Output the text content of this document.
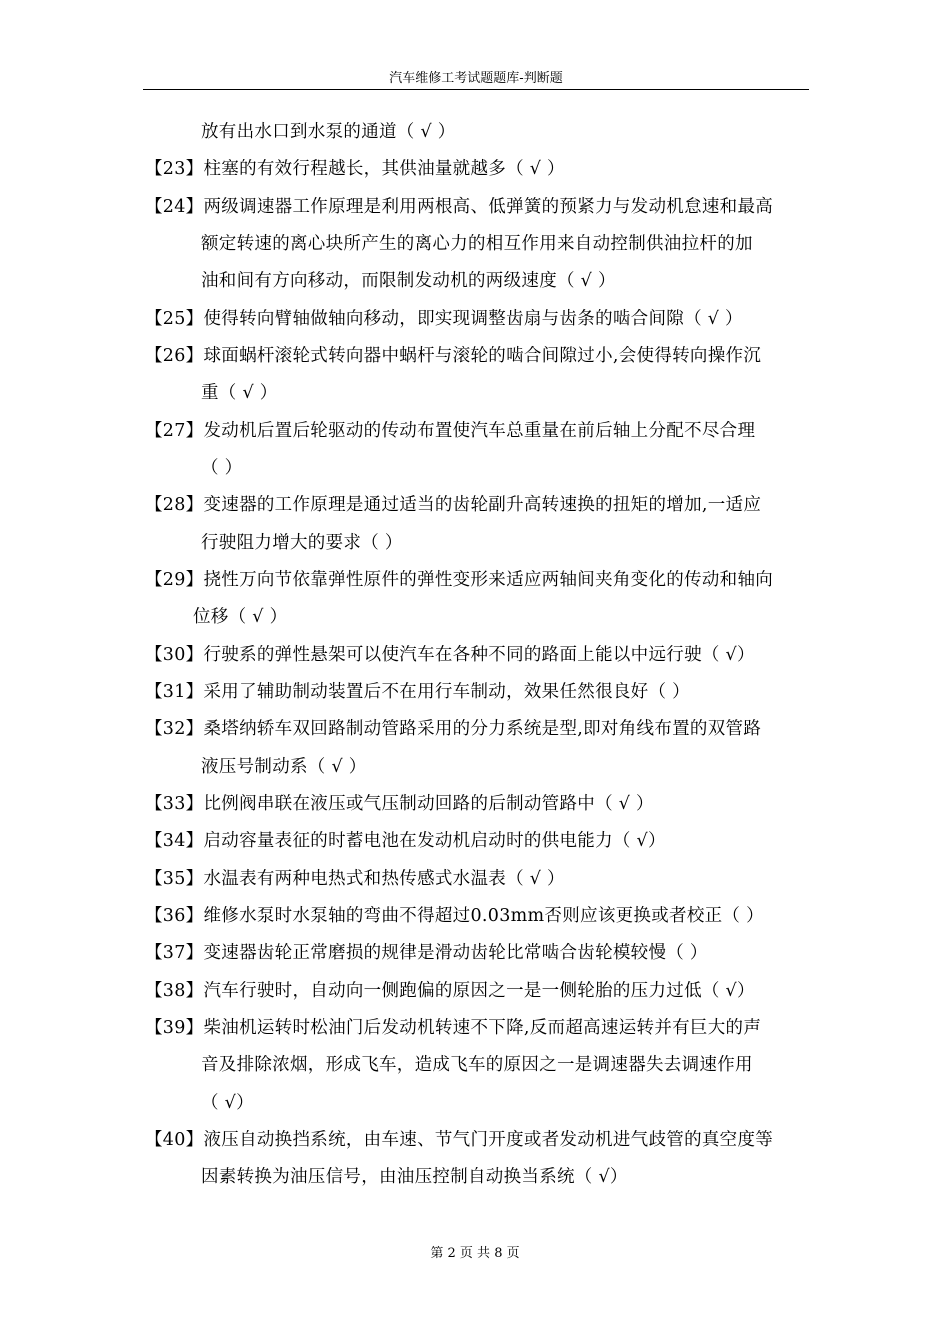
汽车维修工考试题题库-判断题
放有出水口到水泵的通道（ √ ）
【23】柱塞的有效行程越长，其供油量就越多（ √ ）
【24】两级调速器工作原理是利用两根高、低弹簧的预紧力与发动机怠速和最高
额定转速的离心块所产生的离心力的相互作用来自动控制供油拉杆的加
油和间有方向移动，而限制发动机的两级速度（ √ ）
【25】使得转向臂轴做轴向移动，即实现调整齿扇与齿条的啮合间隙（ √ ）
【26】球面蜗杆滚轮式转向器中蜗杆与滚轮的啮合间隙过小,会使得转向操作沉
重（ √ ）
【27】发动机后置后轮驱动的传动布置使汽车总重量在前后轴上分配不尽合理
（ ）
【28】变速器的工作原理是通过适当的齿轮副升高转速换的扭矩的增加,一适应
行驶阻力增大的要求（ ）
【29】挠性万向节依靠弹性原件的弹性变形来适应两轴间夹角变化的传动和轴向
位移（ √ ）
【30】行驶系的弹性悬架可以使汽车在各种不同的路面上能以中远行驶（ √）
【31】采用了辅助制动装置后不在用行车制动，效果任然很良好（ ）
【32】桑塔纳轿车双回路制动管路采用的分力系统是型,即对角线布置的双管路
液压号制动系（ √ ）
【33】比例阀串联在液压或气压制动回路的后制动管路中（ √ ）
【34】启动容量表征的时蓄电池在发动机启动时的供电能力（ √）
【35】水温表有两种电热式和热传感式水温表（ √ ）
【36】维修水泵时水泵轴的弯曲不得超过0.03mm否则应该更换或者校正（ ）
【37】变速器齿轮正常磨损的规律是滑动齿轮比常啮合齿轮模较慢（ ）
【38】汽车行驶时，自动向一侧跑偏的原因之一是一侧轮胎的压力过低（ √）
【39】柴油机运转时松油门后发动机转速不下降,反而超高速运转并有巨大的声
音及排除浓烟，形成飞车，造成飞车的原因之一是调速器失去调速作用
（ √）
【40】液压自动换挡系统，由车速、节气门开度或者发动机进气歧管的真空度等
因素转换为油压信号，由油压控制自动换当系统（ √）
第 2 页 共 8 页
